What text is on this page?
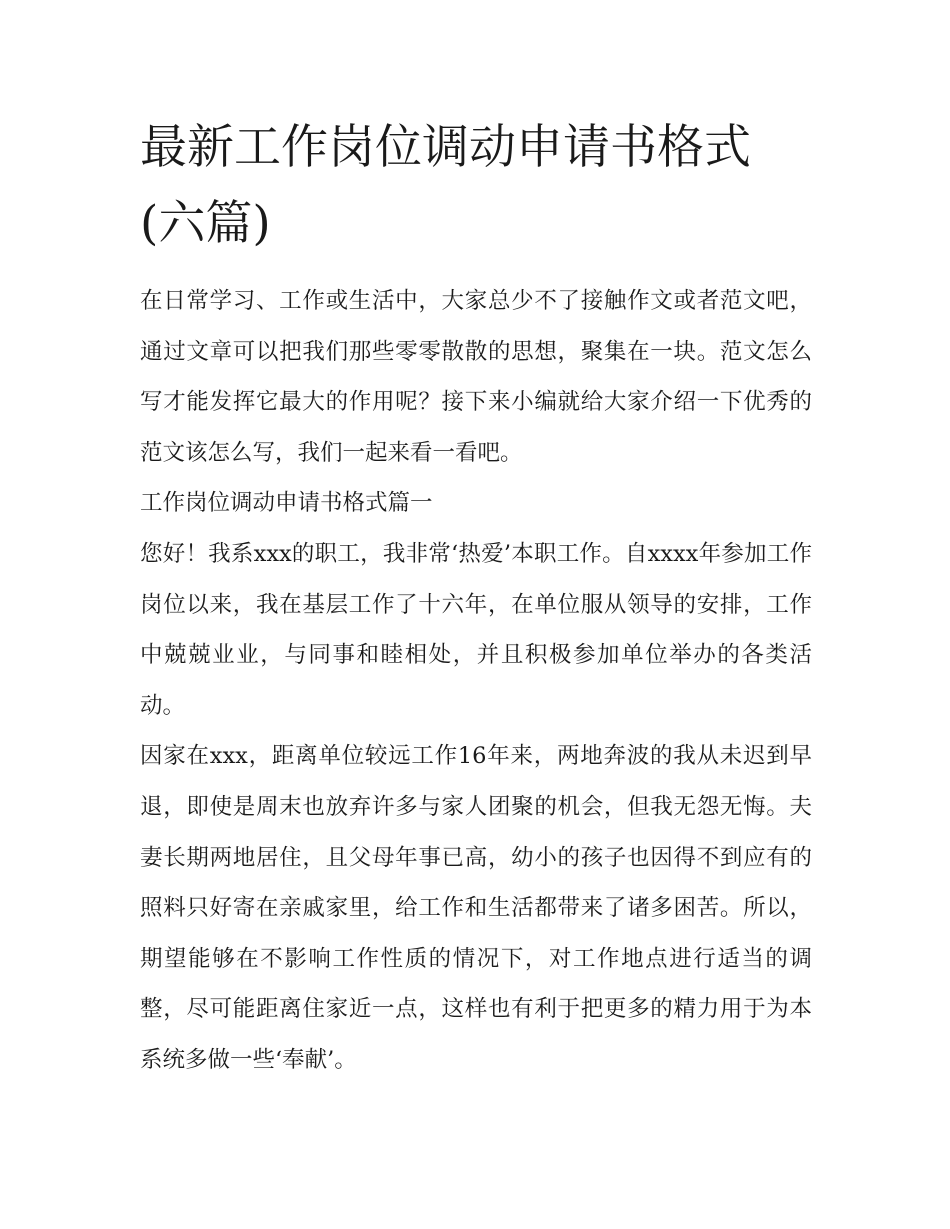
最新工作岗位调动申请书格式(六篇)

在日常学习、工作或生活中，大家总少不了接触作文或者范文吧，通过文章可以把我们那些零零散散的思想，聚集在一块。范文怎么写才能发挥它最大的作用呢？接下来小编就给大家介绍一下优秀的范文该怎么写，我们一起来看一看吧。

工作岗位调动申请书格式篇一

您好！我系xxx的职工，我非常‘热爱’本职工作。自xxxx年参加工作岗位以来，我在基层工作了十六年，在单位服从领导的安排，工作中兢兢业业，与同事和睦相处，并且积极参加单位举办的各类活动。

因家在xxx，距离单位较远工作16年来，两地奔波的我从未迟到早退，即使是周末也放弃许多与家人团聚的机会，但我无怨无悔。夫妻长期两地居住，且父母年事已高，幼小的孩子也因得不到应有的照料只好寄在亲戚家里，给工作和生活都带来了诸多困苦。所以，期望能够在不影响工作性质的情况下，对工作地点进行适当的调整，尽可能距离住家近一点，这样也有利于把更多的精力用于为本系统多做一些‘奉献’。
